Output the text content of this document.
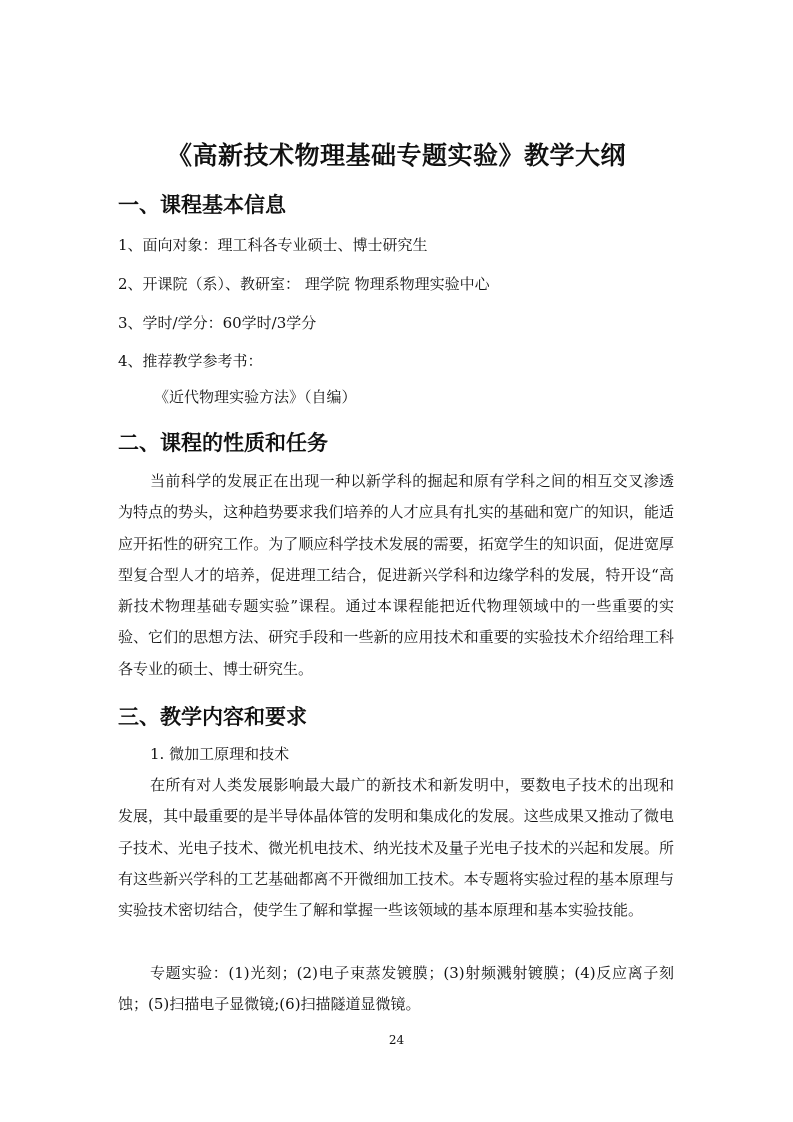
《高新技术物理基础专题实验》教学大纲
一、课程基本信息
1、面向对象：理工科各专业硕士、博士研究生
2、开课院（系）、教研室： 理学院 物理系物理实验中心
3、学时/学分：60学时/3学分
4、推荐教学参考书：
《近代物理实验方法》（自编）
二、课程的性质和任务
当前科学的发展正在出现一种以新学科的掘起和原有学科之间的相互交叉渗透为特点的势头，这种趋势要求我们培养的人才应具有扎实的基础和宽广的知识，能适应开拓性的研究工作。为了顺应科学技术发展的需要，拓宽学生的知识面，促进宽厚型复合型人才的培养，促进理工结合，促进新兴学科和边缘学科的发展，特开设“高新技术物理基础专题实验”课程。通过本课程能把近代物理领域中的一些重要的实验、它们的思想方法、研究手段和一些新的应用技术和重要的实验技术介绍给理工科各专业的硕士、博士研究生。
三、教学内容和要求
1. 微加工原理和技术
在所有对人类发展影响最大最广的新技术和新发明中，要数电子技术的出现和发展，其中最重要的是半导体晶体管的发明和集成化的发展。这些成果又推动了微电子技术、光电子技术、微光机电技术、纳光技术及量子光电子技术的兴起和发展。所有这些新兴学科的工艺基础都离不开微细加工技术。本专题将实验过程的基本原理与实验技术密切结合，使学生了解和掌握一些该领域的基本原理和基本实验技能。
专题实验：(1)光刻；(2)电子束蒸发镀膜；(3)射频溅射镀膜；(4)反应离子刻蚀；(5)扫描电子显微镜;(6)扫描隧道显微镜。
24
